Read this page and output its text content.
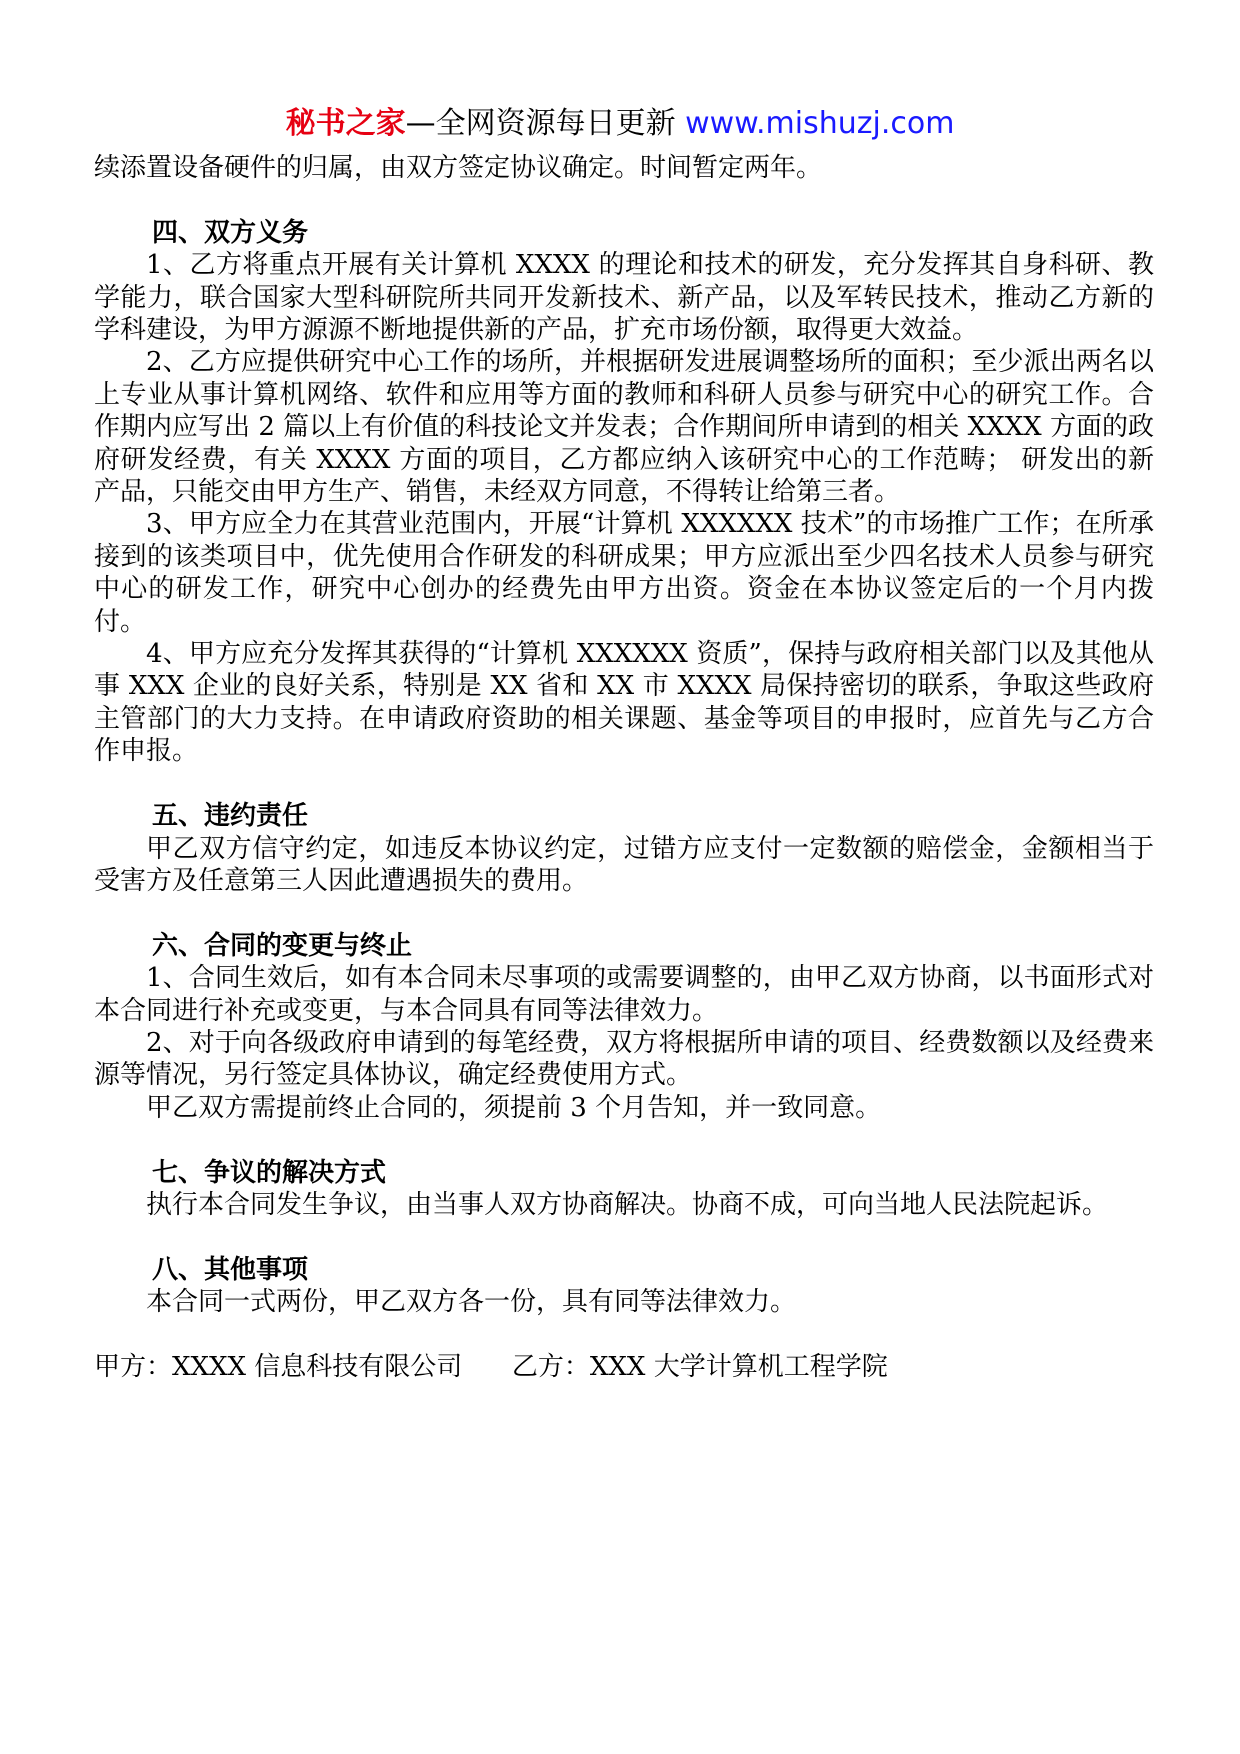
秘书之家—全网资源每日更新 www.mishuzj.com

续添置设备硬件的归属，由双方签定协议确定。时间暂定两年。

四、双方义务

1、乙方将重点开展有关计算机 XXXX 的理论和技术的研发，充分发挥其自身科研、教学能力，联合国家大型科研院所共同开发新技术、新产品，以及军转民技术，推动乙方新的学科建设，为甲方源源不断地提供新的产品，扩充市场份额，取得更大效益。

2、乙方应提供研究中心工作的场所，并根据研发进展调整场所的面积；至少派出两名以上专业从事计算机网络、软件和应用等方面的教师和科研人员参与研究中心的研究工作。合作期内应写出 2 篇以上有价值的科技论文并发表；合作期间所申请到的相关 XXXX 方面的政府研发经费，有关 XXXX 方面的项目，乙方都应纳入该研究中心的工作范畴； 研发出的新产品，只能交由甲方生产、销售，未经双方同意，不得转让给第三者。

3、甲方应全力在其营业范围内，开展“计算机 XXXXXX 技术”的市场推广工作；在所承接到的该类项目中，优先使用合作研发的科研成果；甲方应派出至少四名技术人员参与研究中心的研发工作，研究中心创办的经费先由甲方出资。资金在本协议签定后的一个月内拨付。

4、甲方应充分发挥其获得的“计算机 XXXXXX 资质”，保持与政府相关部门以及其他从事 XXX 企业的良好关系，特别是 XX 省和 XX 市 XXXX 局保持密切的联系，争取这些政府主管部门的大力支持。在申请政府资助的相关课题、基金等项目的申报时，应首先与乙方合作申报。

五、违约责任

甲乙双方信守约定，如违反本协议约定，过错方应支付一定数额的赔偿金，金额相当于受害方及任意第三人因此遭遇损失的费用。

六、合同的变更与终止

1、合同生效后，如有本合同未尽事项的或需要调整的，由甲乙双方协商，以书面形式对本合同进行补充或变更，与本合同具有同等法律效力。

2、对于向各级政府申请到的每笔经费，双方将根据所申请的项目、经费数额以及经费来源等情况，另行签定具体协议，确定经费使用方式。

甲乙双方需提前终止合同的，须提前 3 个月告知，并一致同意。

七、争议的解决方式

执行本合同发生争议，由当事人双方协商解决。协商不成，可向当地人民法院起诉。

八、其他事项

本合同一式两份，甲乙双方各一份，具有同等法律效力。

甲方：XXXX 信息科技有限公司 乙方：XXX 大学计算机工程学院
